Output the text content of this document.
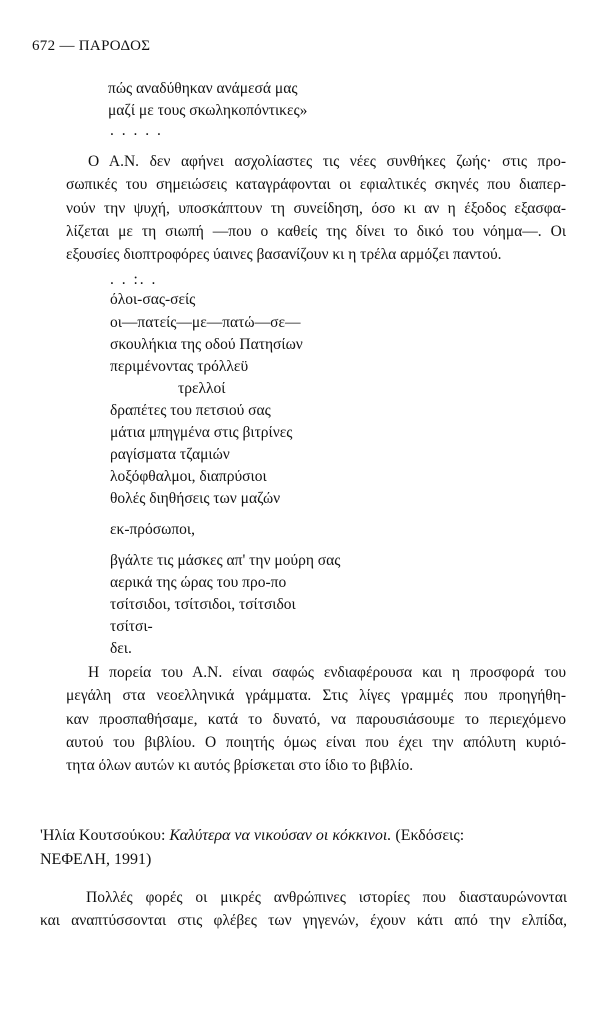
672 — ΠΑΡΟΔΟΣ
πώς αναδύθηκαν ανάμεσά μας
μαζί με τους σκωληκοπόντικες»
. . . . .
Ο Α.Ν. δεν αφήνει ασχολίαστες τις νέες συνθήκες ζωής· στις προ-
σωπικές του σημειώσεις καταγράφονται οι εφιαλτικές σκηνές που διαπερ-
νούν την ψυχή, υποσκάπτουν τη συνείδηση, όσο κι αν η έξοδος εξασφα-
λίζεται με τη σιωπή —που ο καθείς της δίνει το δικό του νόημα—. Οι
εξουσίες διοπτροφόρες ύαινες βασανίζουν κι η τρέλα αρμόζει παντού.
. . :. .
όλοι-σας-σείς
οι—πατείς—με—πατώ—σε—
σκουλήκια της οδού Πατησίων
περιμένοντας τρόλλεϋ
τρελλοί
δραπέτες του πετσιού σας
μάτια μπηγμένα στις βιτρίνες
ραγίσματα τζαμιών
λοξόφθαλμοι, διαπρύσιοι
θολές διηθήσεις των μαζών
εκ-πρόσωποι,
βγάλτε τις μάσκες απ' την μούρη σας
αερικά της ώρας του προ-πο
τσίτσιδοι, τσίτσιδοι, τσίτσιδοι
τσίτσι-
δει.
Η πορεία του Α.Ν. είναι σαφώς ενδιαφέρουσα και η προσφορά του
μεγάλη στα νεοελληνικά γράμματα. Στις λίγες γραμμές που προηγήθη-
καν προσπαθήσαμε, κατά το δυνατό, να παρουσιάσουμε το περιεχόμενο
αυτού του βιβλίου. Ο ποιητής όμως είναι που έχει την απόλυτη κυριό-
τητα όλων αυτών κι αυτός βρίσκεται στο ίδιο το βιβλίο.
'Ηλία Κουτσούκου: Καλύτερα να νικούσαν οι κόκκινοι. (Εκδόσεις:
ΝΕΦΕΛΗ, 1991)
Πολλές φορές οι μικρές ανθρώπινες ιστορίες που διασταυρώνονται
και αναπτύσσονται στις φλέβες των γηγενών, έχουν κάτι από την ελπίδα,
